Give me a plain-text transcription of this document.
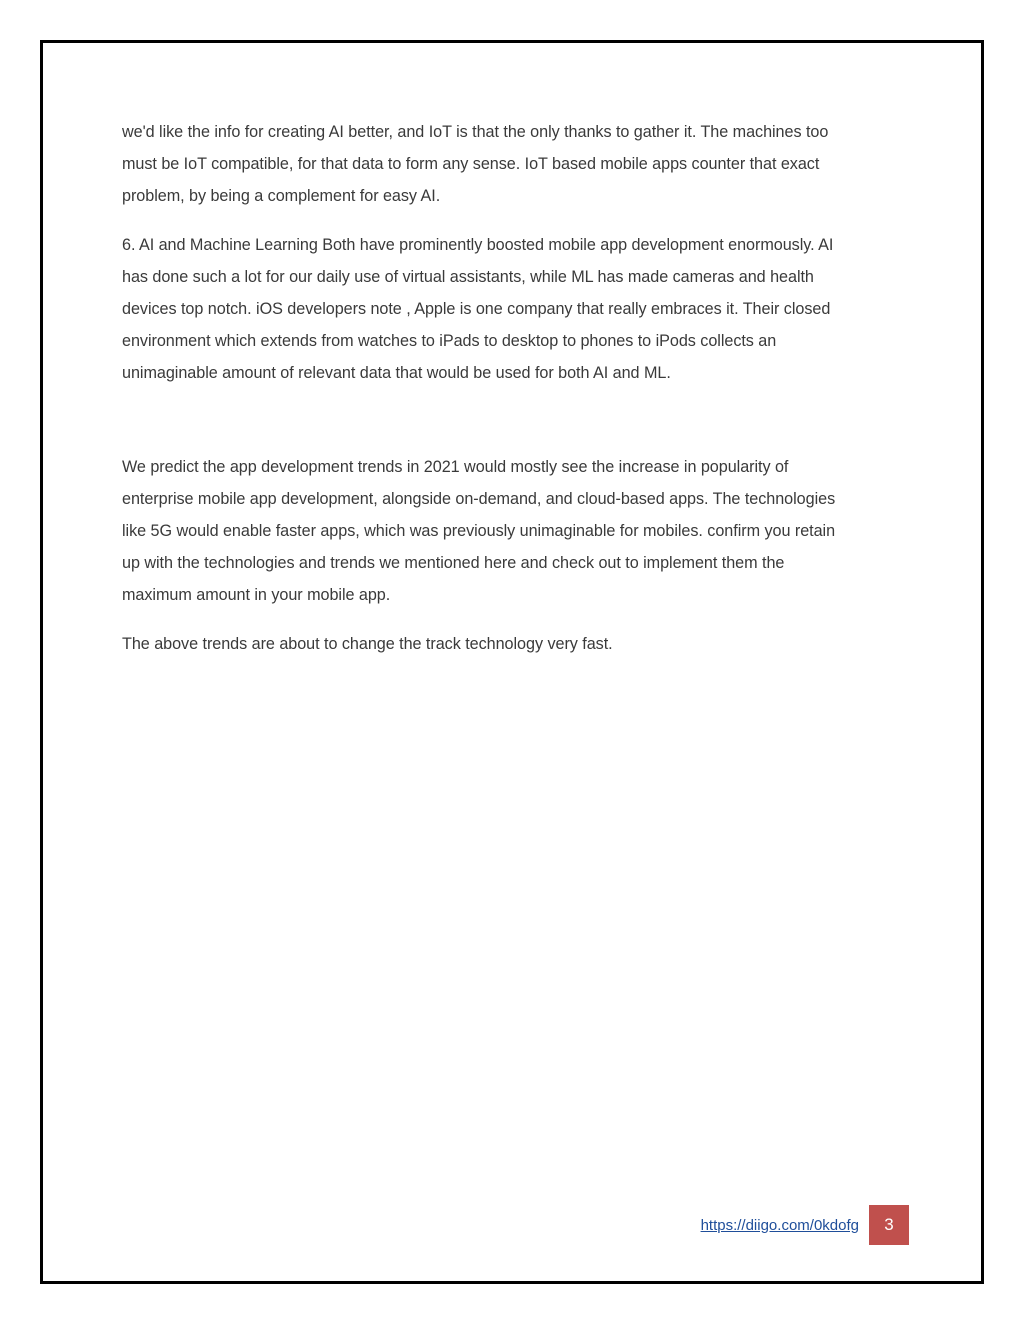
we'd like the info for creating AI better, and IoT is that the only thanks to gather it. The machines too
must be IoT compatible, for that data to form any sense. IoT based mobile apps counter that exact
problem, by being a complement for easy AI.

6. AI and Machine Learning Both have prominently boosted mobile app development enormously. AI
has done such a lot for our daily use of virtual assistants, while ML has made cameras and health
devices top notch. iOS developers note , Apple is one company that really embraces it. Their closed
environment which extends from watches to iPads to desktop to phones to iPods collects an
unimaginable amount of relevant data that would be used for both AI and ML.

We predict the app development trends in 2021 would mostly see the increase in popularity of
enterprise mobile app development, alongside on-demand, and cloud-based apps. The technologies
like 5G would enable faster apps, which was previously unimaginable for mobiles. confirm you retain
up with the technologies and trends we mentioned here and check out to implement them the
maximum amount in your mobile app.

The above trends are about to change the track technology very fast.

https://diigo.com/0kdofg	3
